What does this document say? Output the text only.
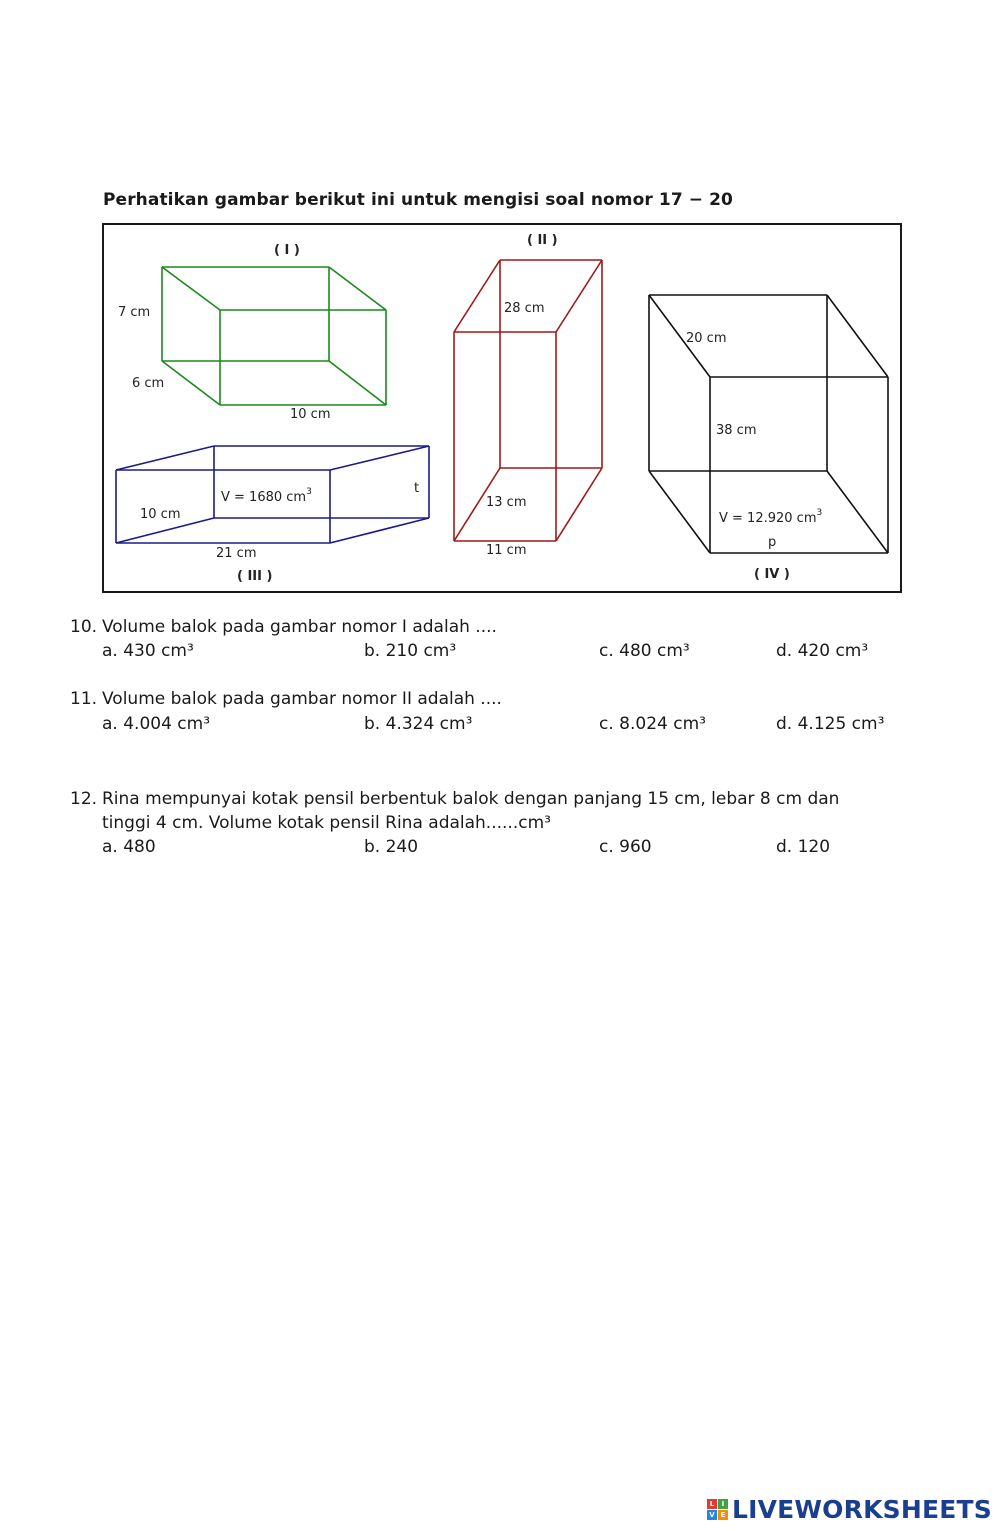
Perhatikan gambar berikut ini untuk mengisi soal nomor 17 − 20
( I )
7 cm
6 cm
10 cm
( II )
28 cm
13 cm
11 cm
V = 1680 $cm^3$	t
10 cm
21 cm
( III )
20 cm
38 cm
V = 12.920 $cm^3$
p
( IV )
10. Volume balok pada gambar nomor I adalah ....
a. 430 cm³	b. 210 cm³	c. 480 cm³	d. 420 cm³
11. Volume balok pada gambar nomor II adalah ....
a. 4.004 cm³	b. 4.324 cm³	c. 8.024 cm³	d. 4.125 cm³
12. Rina mempunyai kotak pensil berbentuk balok dengan panjang 15 cm, lebar 8 cm dan
tinggi 4 cm. Volume kotak pensil Rina adalah......cm³
a. 480	b. 240	c. 960	d. 120
L	I
V E LIVEWORKSHEETS
